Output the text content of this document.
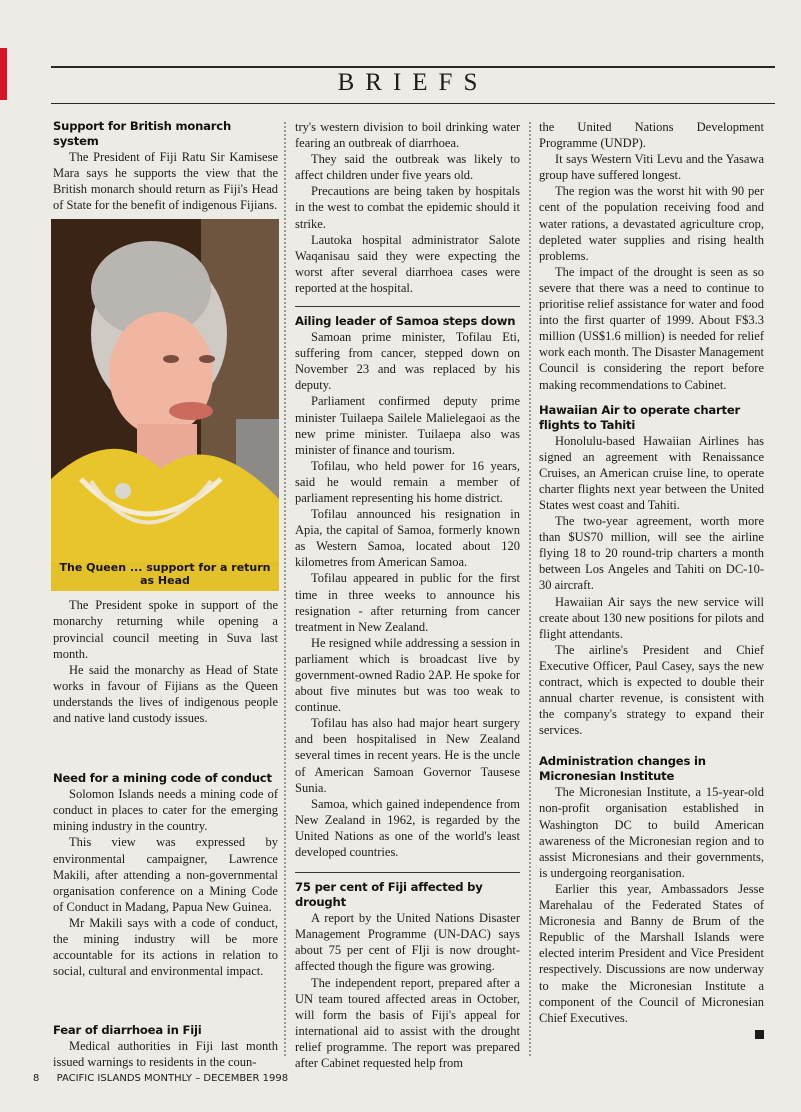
BRIEFS
Support for British monarch system

The President of Fiji Ratu Sir Kamisese Mara says he supports the view that the British monarch should return as Fiji's Head of State for the benefit of indigenous Fijians.

The Queen ... support for a return as Head

The President spoke in support of the monarchy returning while opening a provincial council meeting in Suva last month.

He said the monarchy as Head of State works in favour of Fijians as the Queen understands the lives of indigenous people and native land custody issues.

Need for a mining code of conduct

Solomon Islands needs a mining code of conduct in places to cater for the emerging mining industry in the country.

This view was expressed by environmental campaigner, Lawrence Makili, after attending a non-governmental organisation conference on a Mining Code of Conduct in Madang, Papua New Guinea.

Mr Makili says with a code of conduct, the mining industry will be more accountable for its actions in relation to social, cultural and environmental impact.

Fear of diarrhoea in Fiji

Medical authorities in Fiji last month issued warnings to residents in the coun-

try's western division to boil drinking water fearing an outbreak of diarrhoea.

They said the outbreak was likely to affect children under five years old.

Precautions are being taken by hospitals in the west to combat the epidemic should it strike.

Lautoka hospital administrator Salote Waqanisau said they were expecting the worst after several diarrhoea cases were reported at the hospital.

Ailing leader of Samoa steps down

Samoan prime minister, Tofilau Eti, suffering from cancer, stepped down on November 23 and was replaced by his deputy.

Parliament confirmed deputy prime minister Tuilaepa Sailele Malielegaoi as the new prime minister. Tuilaepa also was minister of finance and tourism.

Tofilau, who held power for 16 years, said he would remain a member of parliament representing his home district.

Tofilau announced his resignation in Apia, the capital of Samoa, formerly known as Western Samoa, located about 120 kilometres from American Samoa.

Tofilau appeared in public for the first time in three weeks to announce his resignation - after returning from cancer treatment in New Zealand.

He resigned while addressing a session in parliament which is broadcast live by government-owned Radio 2AP. He spoke for about five minutes but was too weak to continue.

Tofilau has also had major heart surgery and been hospitalised in New Zealand several times in recent years. He is the uncle of American Samoan Governor Tausese Sunia.

Samoa, which gained independence from New Zealand in 1962, is regarded by the United Nations as one of the world's least developed countries.

75 per cent of Fiji affected by drought

A report by the United Nations Disaster Management Programme (UN-DAC) says about 75 per cent of FIji is now drought-affected though the figure was growing.

The independent report, prepared after a UN team toured affected areas in October, will form the basis of Fiji's appeal for international aid to assist with the drought relief programme. The report was prepared after Cabinet requested help from

the United Nations Development Programme (UNDP).

It says Western Viti Levu and the Yasawa group have suffered longest.

The region was the worst hit with 90 per cent of the population receiving food and water rations, a devastated agriculture crop, depleted water supplies and rising health problems.

The impact of the drought is seen as so severe that there was a need to continue to prioritise relief assistance for water and food into the first quarter of 1999. About F$3.3 million (US$1.6 million) is needed for relief work each month. The Disaster Management Council is considering the report before making recommendations to Cabinet.

Hawaiian Air to operate charter flights to Tahiti

Honolulu-based Hawaiian Airlines has signed an agreement with Renaissance Cruises, an American cruise line, to operate charter flights next year between the United States west coast and Tahiti.

The two-year agreement, worth more than $US70 million, will see the airline flying 18 to 20 round-trip charters a month between Los Angeles and Tahiti on DC-10-30 aircraft.

Hawaiian Air says the new service will create about 130 new positions for pilots and flight attendants.

The airline's President and Chief Executive Officer, Paul Casey, says the new contract, which is expected to double their annual charter revenue, is consistent with the company's strategy to expand their services.

Administration changes in Micronesian Institute

The Micronesian Institute, a 15-year-old non-profit organisation established in Washington DC to build American awareness of the Micronesian region and to assist Micronesians and their governments, is undergoing reorganisation.

Earlier this year, Ambassadors Jesse Marehalau of the Federated States of Micronesia and Banny de Brum of the Republic of the Marshall Islands were elected interim President and Vice President respectively. Discussions are now underway to make the Micronesian Institute a component of the Council of Micronesian Chief Executives.

8 PACIFIC ISLANDS MONTHLY – DECEMBER 1998
